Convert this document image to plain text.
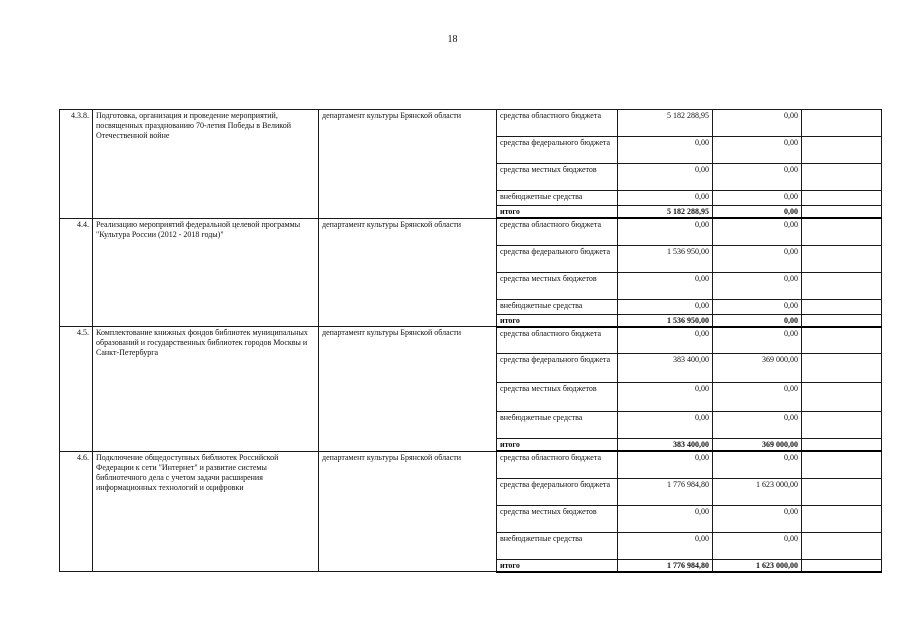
18
4.3.8.	Подготовка, организация и проведение мероприятий, посвященных празднованию 70-летия Победы в Великой Отечественной войне	департамент культуры Брянской области	средства областного бюджета	5 182 288,95	0,00	
			средства федерального бюджета	0,00	0,00	
			средства местных бюджетов	0,00	0,00	
			внебюджетные средства	0,00	0,00	
			итого	5 182 288,95	0,00	
4.4.	Реализацию мероприятий федеральной целевой программы "Культура России (2012 - 2018 годы)"	департамент культуры Брянской области	средства областного бюджета	0,00	0,00	
			средства федерального бюджета	1 536 950,00	0,00	
			средства местных бюджетов	0,00	0,00	
			внебюджетные средства	0,00	0,00	
			итого	1 536 950,00	0,00	
4.5.	Комплектование книжных фондов библиотек муниципальных образований и государственных библиотек городов Москвы и Санкт-Петербурга	департамент культуры Брянской области	средства областного бюджета	0,00	0,00	
			средства федерального бюджета	383 400,00	369 000,00	
			средства местных бюджетов	0,00	0,00	
			внебюджетные средства	0,00	0,00	
			итого	383 400,00	369 000,00	
4.6.	Подключение общедоступных библиотек Российской Федерации к сети "Интернет" и развитие системы библиотечного дела с учетом задачи расширения информационных технологий и оцифровки	департамент культуры Брянской области	средства областного бюджета	0,00	0,00	
			средства федерального бюджета	1 776 984,80	1 623 000,00	
			средства местных бюджетов	0,00	0,00	
			внебюджетные средства	0,00	0,00	
			итого	1 776 984,80	1 623 000,00	
